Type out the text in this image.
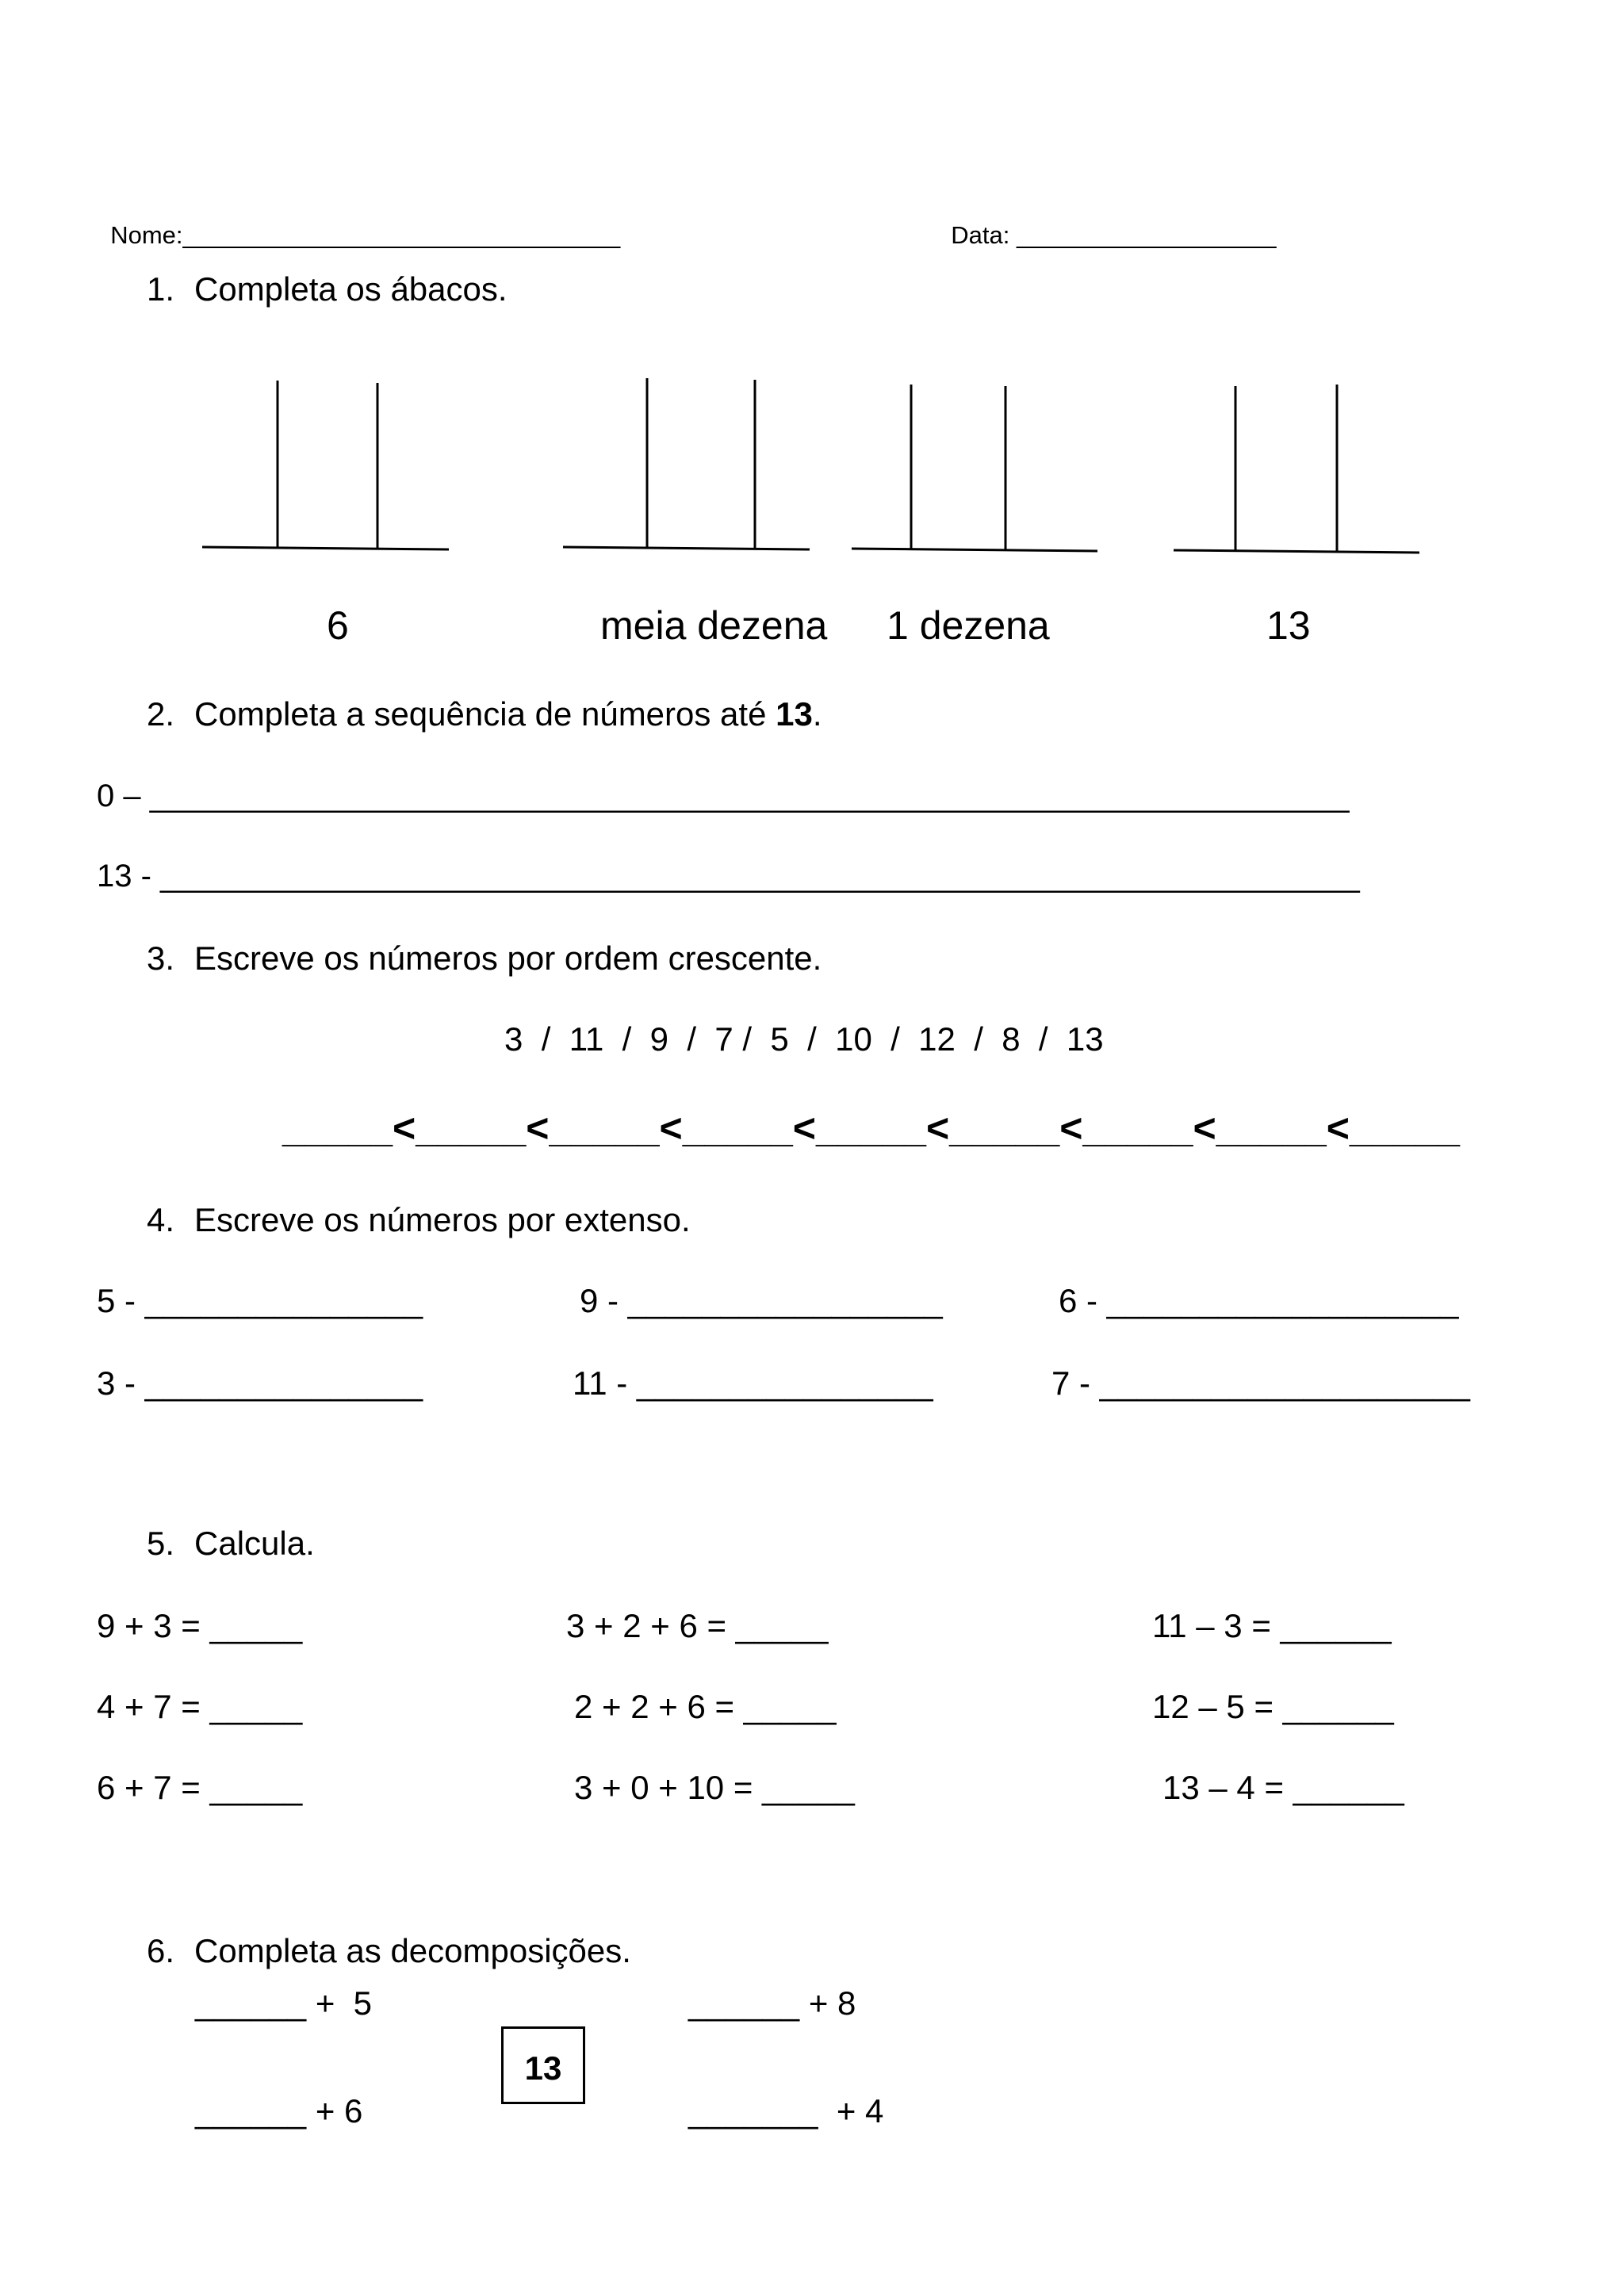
Nome:________________________________	Data: ___________________

1. Completa os ábacos.
6	meia dezena 1 dezena	13
2. Completa a sequência de números até 13.
0 – ____________________________________________________________________
13 - ____________________________________________________________________
3. Escreve os números por ordem crescente.
3  /  11  /  9  /  7 /  5  /  10  /  12  /  8  /  13
_____<_____<_____<_____<_____<_____<_____<_____<_____
4. Escreve os números por extenso.
5 - _______________	9 - _________________	6 - ___________________
3 - _______________	11 - ________________	7 - ____________________
5. Calcula.
9 + 3 = _____	3 + 2 + 6 = _____	11 – 3 = ______
4 + 7 = _____	2 + 2 + 6 = _____	12 – 5 = ______
6 + 7 = _____	3 + 0 + 10 = _____	13 – 4 = ______
6. Completa as decomposições.
______ +  5	______ + 8
______ + 6	_______  + 4
13
